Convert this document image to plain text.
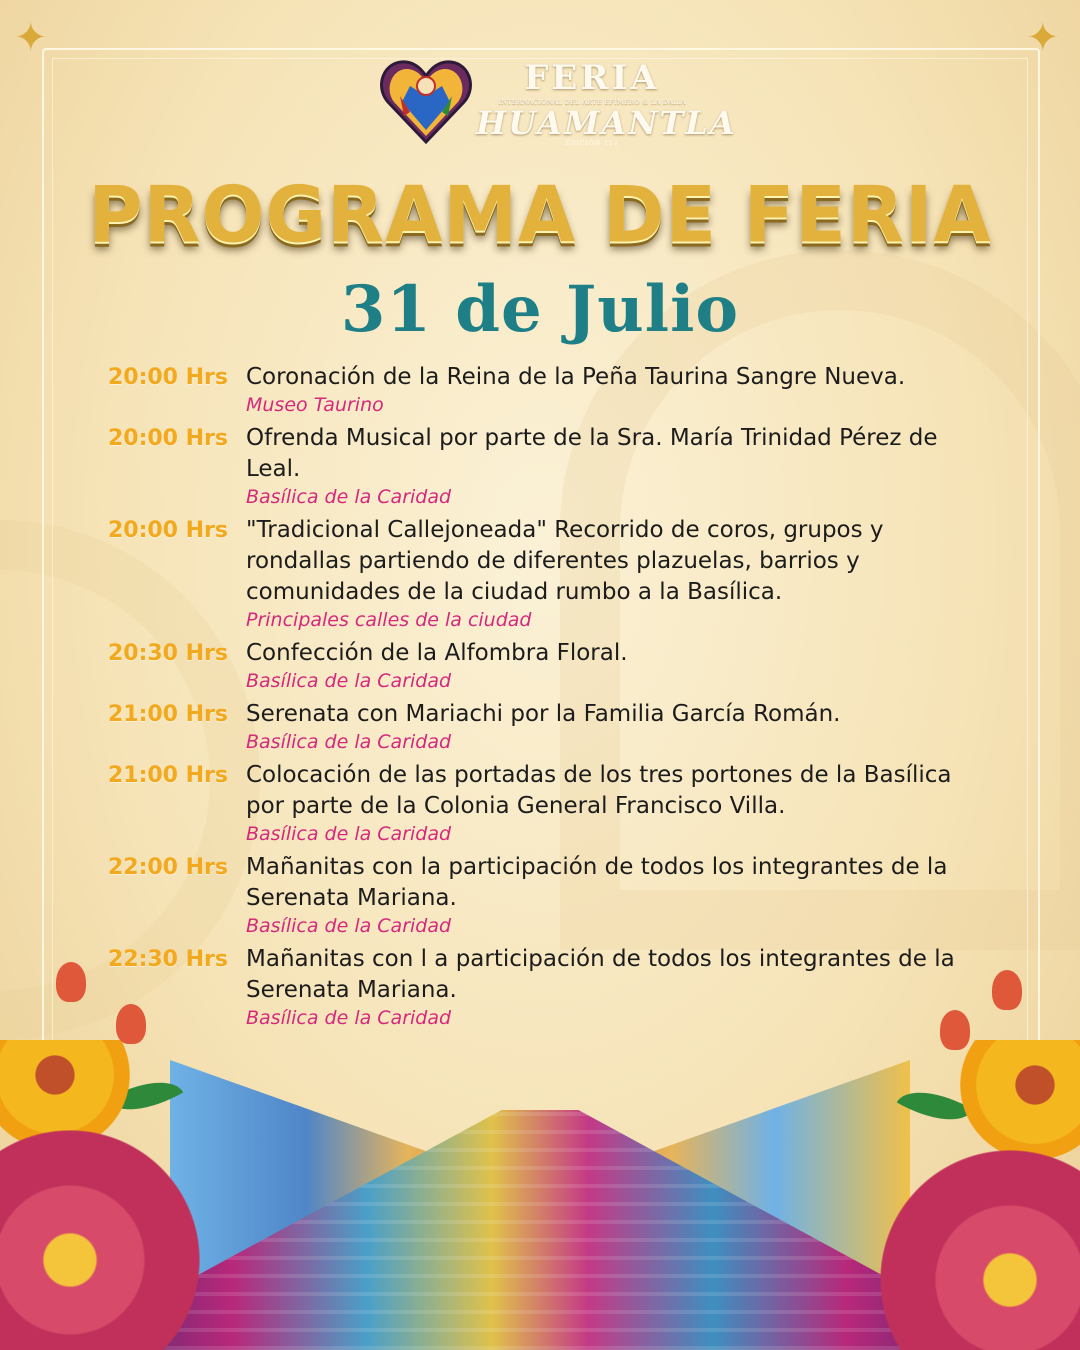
✦	✦
FERIA
INTERNACIONAL DEL ARTE EFÍMERO & LA DALIA
HUAMANTLA
EDICIÓN 152
PROGRAMA DE FERIA
31 de Julio
20:00 Hrs Coronación de la Reina de la Peña Taurina Sangre Nueva.
Museo Taurino
20:00 Hrs Ofrenda Musical por parte de la Sra. María Trinidad Pérez de Leal.
Basílica de la Caridad
20:00 Hrs "Tradicional Callejoneada" Recorrido de coros, grupos y rondallas partiendo de diferentes plazuelas, barrios y comunidades de la ciudad rumbo a la Basílica.
Principales calles de la ciudad
20:30 Hrs Confección de la Alfombra Floral.
Basílica de la Caridad
21:00 Hrs Serenata con Mariachi por la Familia García Román.
Basílica de la Caridad
21:00 Hrs Colocación de las portadas de los tres portones de la Basílica por parte de la Colonia General Francisco Villa.
Basílica de la Caridad
22:00 Hrs Mañanitas con la participación de todos los integrantes de la Serenata Mariana.
Basílica de la Caridad
22:30 Hrs Mañanitas con l a participación de todos los integrantes de la Serenata Mariana.
Basílica de la Caridad
